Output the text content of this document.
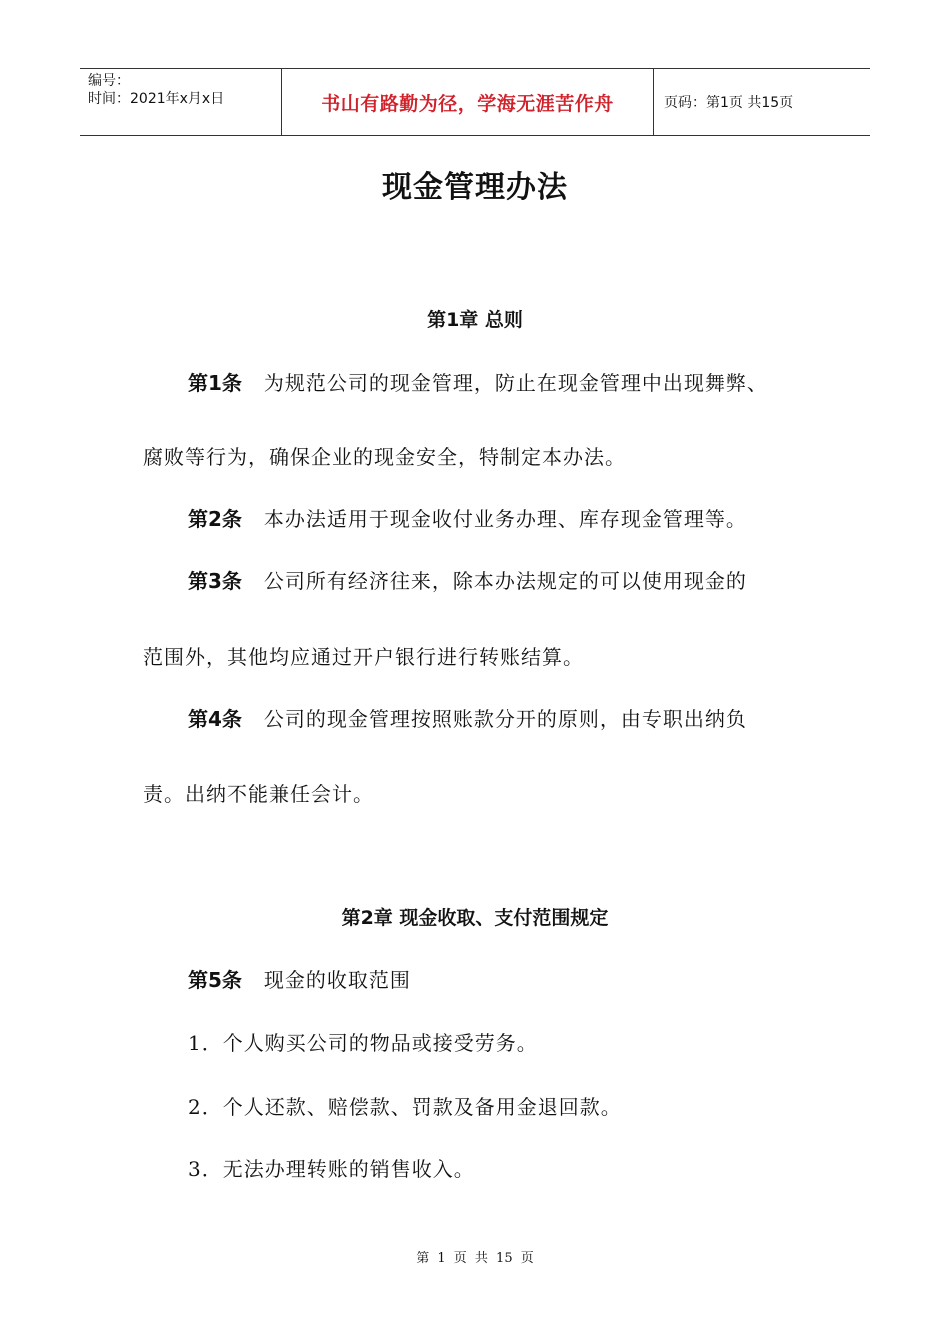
编号：
时间：2021年x月x日	书山有路勤为径，学海无涯苦作舟	页码：第1页 共15页
现金管理办法
第1章 总则
第1条 为规范公司的现金管理，防止在现金管理中出现舞弊、
腐败等行为，确保企业的现金安全，特制定本办法。
第2条 本办法适用于现金收付业务办理、库存现金管理等。
第3条 公司所有经济往来，除本办法规定的可以使用现金的
范围外，其他均应通过开户银行进行转账结算。
第4条 公司的现金管理按照账款分开的原则，由专职出纳负
责。出纳不能兼任会计。
第2章 现金收取、支付范围规定
第5条 现金的收取范围
1．个人购买公司的物品或接受劳务。
2．个人还款、赔偿款、罚款及备用金退回款。
3．无法办理转账的销售收入。
第 1 页 共 15 页
